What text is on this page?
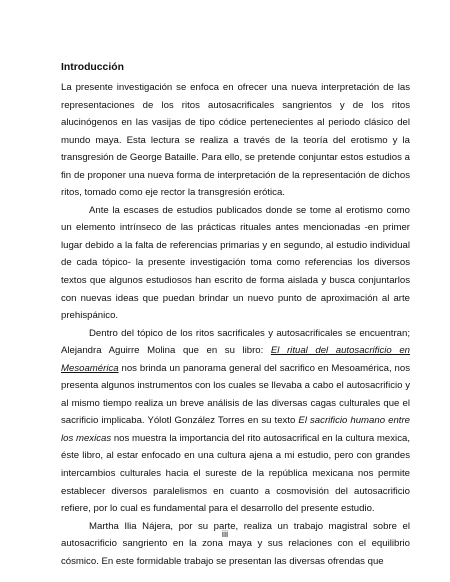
Introducción

La presente investigación se enfoca en ofrecer una nueva interpretación de las representaciones de los ritos autosacrificales sangrientos y de los ritos alucinógenos en las vasijas de tipo códice pertenecientes al periodo clásico del mundo maya. Esta lectura se realiza a través de la teoría del erotismo y la transgresión de George Bataille. Para ello, se pretende conjuntar estos estudios a fin de proponer una nueva forma de interpretación de la representación de dichos ritos, tomado como eje rector la transgresión erótica.

Ante la escases de estudios publicados donde se tome al erotismo como un elemento intrínseco de las prácticas rituales antes mencionadas -en primer lugar debido a la falta de referencias primarias y en segundo, al estudio individual de cada tópico- la presente investigación toma como referencias los diversos textos que algunos estudiosos han escrito de forma aislada y busca conjuntarlos con nuevas ideas que puedan brindar un nuevo punto de aproximación al arte prehispánico.

Dentro del tópico de los ritos sacrificales y autosacrificales se encuentran; Alejandra Aguirre Molina que en su libro: El ritual del autosacrificio en Mesoamérica nos brinda un panorama general del sacrifico en Mesoamérica, nos presenta algunos instrumentos con los cuales se llevaba a cabo el autosacrificio y al mismo tiempo realiza un breve análisis de las diversas cagas culturales que el sacrificio implicaba. Yólotl González Torres en su texto El sacrificio humano entre los mexicas nos muestra la importancia del rito autosacrifical en la cultura mexica, éste libro, al estar enfocado en una cultura ajena a mi estudio, pero con grandes intercambios culturales hacia el sureste de la república mexicana nos permite establecer diversos paralelismos en cuanto a cosmovisión del autosacrificio refiere, por lo cual es fundamental para el desarrollo del presente estudio.

Martha Ilia Nájera, por su parte, realiza un trabajo magistral sobre el autosacrificio sangriento en la zona maya y sus relaciones con el equilibrio cósmico. En este formidable trabajo se presentan las diversas ofrendas que

iii
